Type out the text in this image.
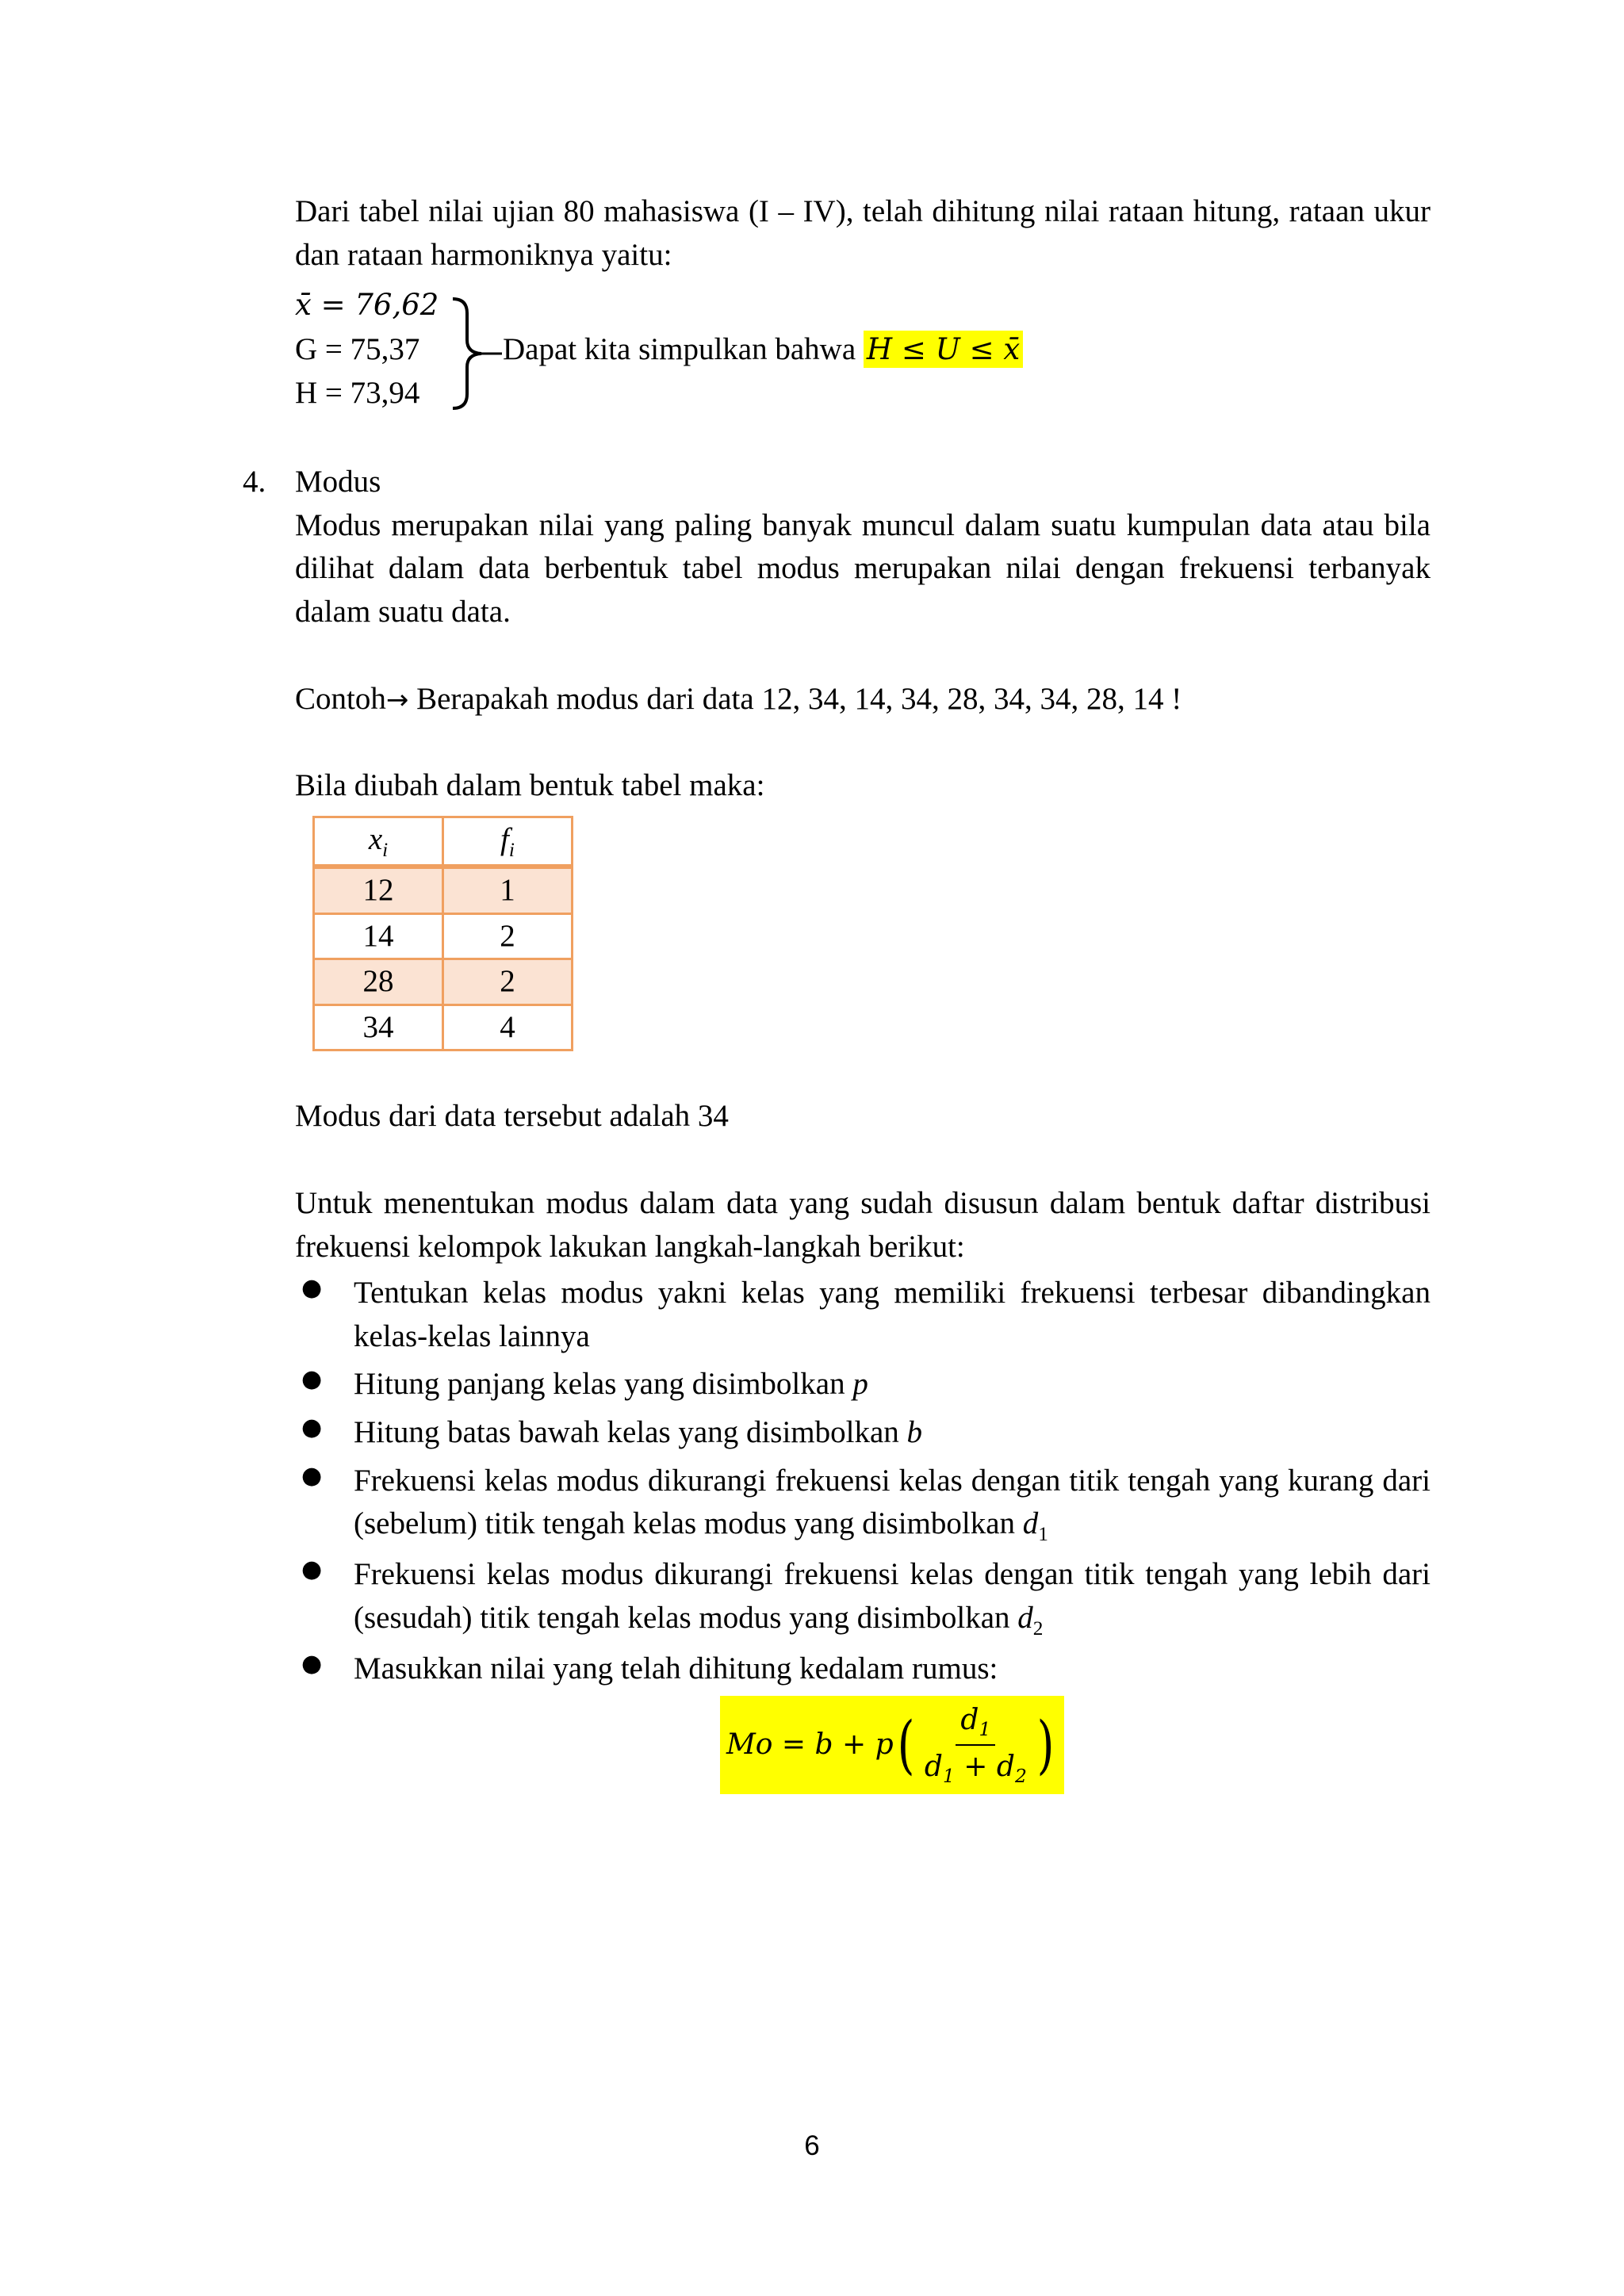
Dari tabel nilai ujian 80 mahasiswa (I – IV), telah dihitung nilai rataan hitung, rataan ukur dan rataan harmoniknya yaitu:

x̄ = 76,62

G = 75,37

H = 73,94

Dapat kita simpulkan bahwa H ≤ U ≤ x̄

4. Modus

Modus merupakan nilai yang paling banyak muncul dalam suatu kumpulan data atau bila dilihat dalam data berbentuk tabel modus merupakan nilai dengan frekuensi terbanyak dalam suatu data.

Contoh→ Berapakah modus dari data 12, 34, 14, 34, 28, 34, 34, 28, 14 !

Bila diubah dalam bentuk tabel maka:

$x_i$	$f_i$
12	1
14	2
28	2
34	4

Modus dari data tersebut adalah 34

Untuk menentukan modus dalam data yang sudah disusun dalam bentuk daftar distribusi frekuensi kelompok lakukan langkah-langkah berikut:

● Tentukan kelas modus yakni kelas yang memiliki frekuensi terbesar dibandingkan kelas-kelas lainnya
● Hitung panjang kelas yang disimbolkan p
● Hitung batas bawah kelas yang disimbolkan b
● Frekuensi kelas modus dikurangi frekuensi kelas dengan titik tengah yang kurang dari (sebelum) titik tengah kelas modus yang disimbolkan $d_1$
● Frekuensi kelas modus dikurangi frekuensi kelas dengan titik tengah yang lebih dari (sesudah) titik tengah kelas modus yang disimbolkan $d_2$
● Masukkan nilai yang telah dihitung kedalam rumus:
Mo = b + p ( $\frac{d_1}{d_1 + d_2}$ )
6
